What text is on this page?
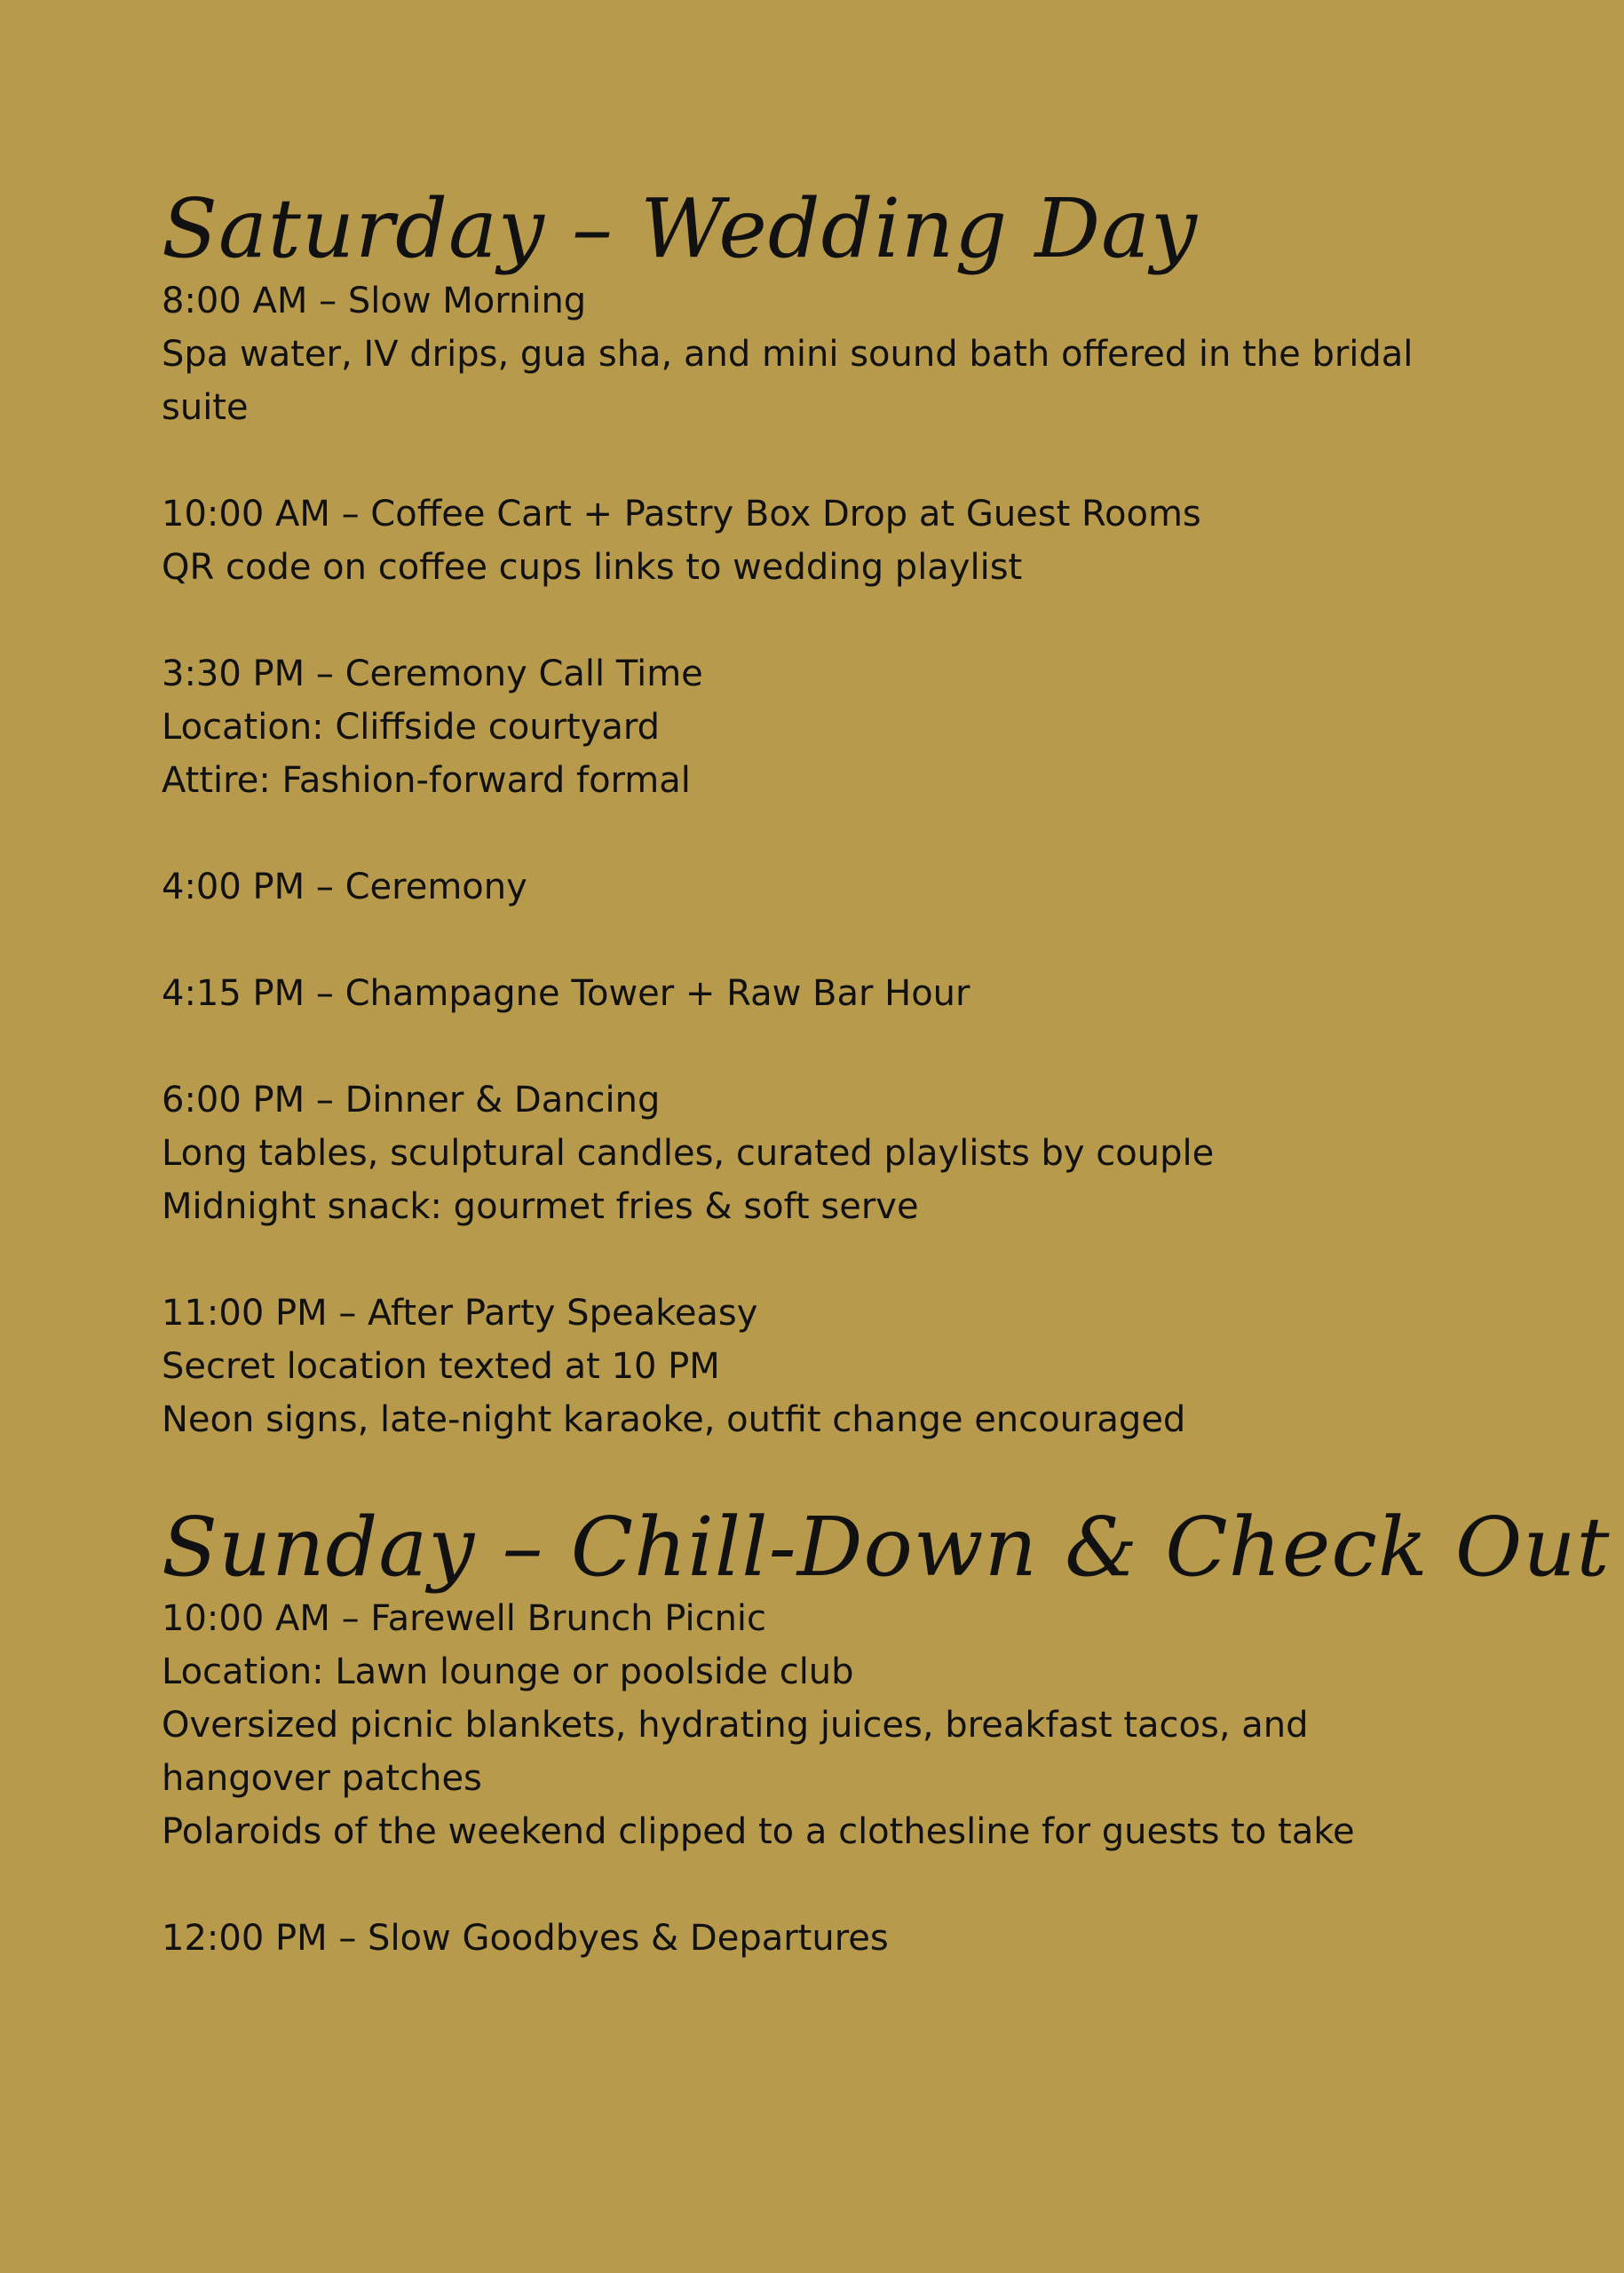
Saturday – Wedding Day
8:00 AM – Slow Morning
Spa water, IV drips, gua sha, and mini sound bath offered in the bridal suite
10:00 AM – Coffee Cart + Pastry Box Drop at Guest Rooms
QR code on coffee cups links to wedding playlist
3:30 PM – Ceremony Call Time
Location: Cliffside courtyard
Attire: Fashion-forward formal
4:00 PM – Ceremony
4:15 PM – Champagne Tower + Raw Bar Hour
6:00 PM – Dinner & Dancing
Long tables, sculptural candles, curated playlists by couple
Midnight snack: gourmet fries & soft serve
11:00 PM – After Party Speakeasy
Secret location texted at 10 PM
Neon signs, late-night karaoke, outfit change encouraged
Sunday – Chill-Down & Check Out
10:00 AM – Farewell Brunch Picnic
Location: Lawn lounge or poolside club
Oversized picnic blankets, hydrating juices, breakfast tacos, and hangover patches
Polaroids of the weekend clipped to a clothesline for guests to take
12:00 PM – Slow Goodbyes & Departures
